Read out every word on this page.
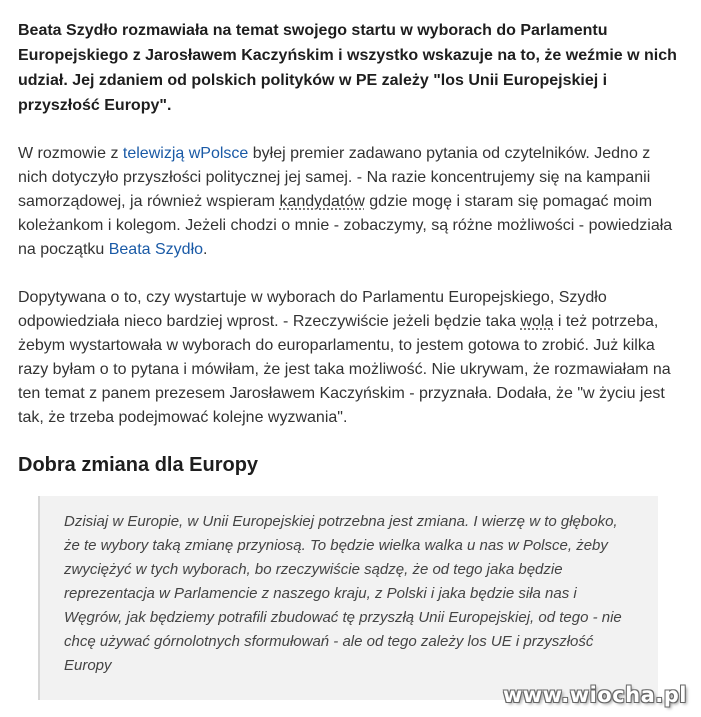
Beata Szydło rozmawiała na temat swojego startu w wyborach do Parlamentu Europejskiego z Jarosławem Kaczyńskim i wszystko wskazuje na to, że weźmie w nich udział. Jej zdaniem od polskich polityków w PE zależy "los Unii Europejskiej i przyszłość Europy".

W rozmowie z telewizją wPolsce byłej premier zadawano pytania od czytelników. Jedno z nich dotyczyło przyszłości politycznej jej samej. - Na razie koncentrujemy się na kampanii samorządowej, ja również wspieram kandydatów gdzie mogę i staram się pomagać moim koleżankom i kolegom. Jeżeli chodzi o mnie - zobaczymy, są różne możliwości - powiedziała na początku Beata Szydło.

Dopytywana o to, czy wystartuje w wyborach do Parlamentu Europejskiego, Szydło odpowiedziała nieco bardziej wprost. - Rzeczywiście jeżeli będzie taka wola i też potrzeba, żebym wystartowała w wyborach do europarlamentu, to jestem gotowa to zrobić. Już kilka razy byłam o to pytana i mówiłam, że jest taka możliwość. Nie ukrywam, że rozmawiałam na ten temat z panem prezesem Jarosławem Kaczyńskim - przyznała. Dodała, że "w życiu jest tak, że trzeba podejmować kolejne wyzwania".

Dobra zmiana dla Europy
Dzisiaj w Europie, w Unii Europejskiej potrzebna jest zmiana. I wierzę w to głęboko, że te wybory taką zmianę przyniosą. To będzie wielka walka u nas w Polsce, żeby zwyciężyć w tych wyborach, bo rzeczywiście sądzę, że od tego jaka będzie reprezentacja w Parlamencie z naszego kraju, z Polski i jaka będzie siła nas i Węgrów, jak będziemy potrafili zbudować tę przyszłą Unii Europejskiej, od tego - nie chcę używać górnolotnych sformułowań - ale od tego zależy los UE i przyszłość Europy
www.wiocha.pl
